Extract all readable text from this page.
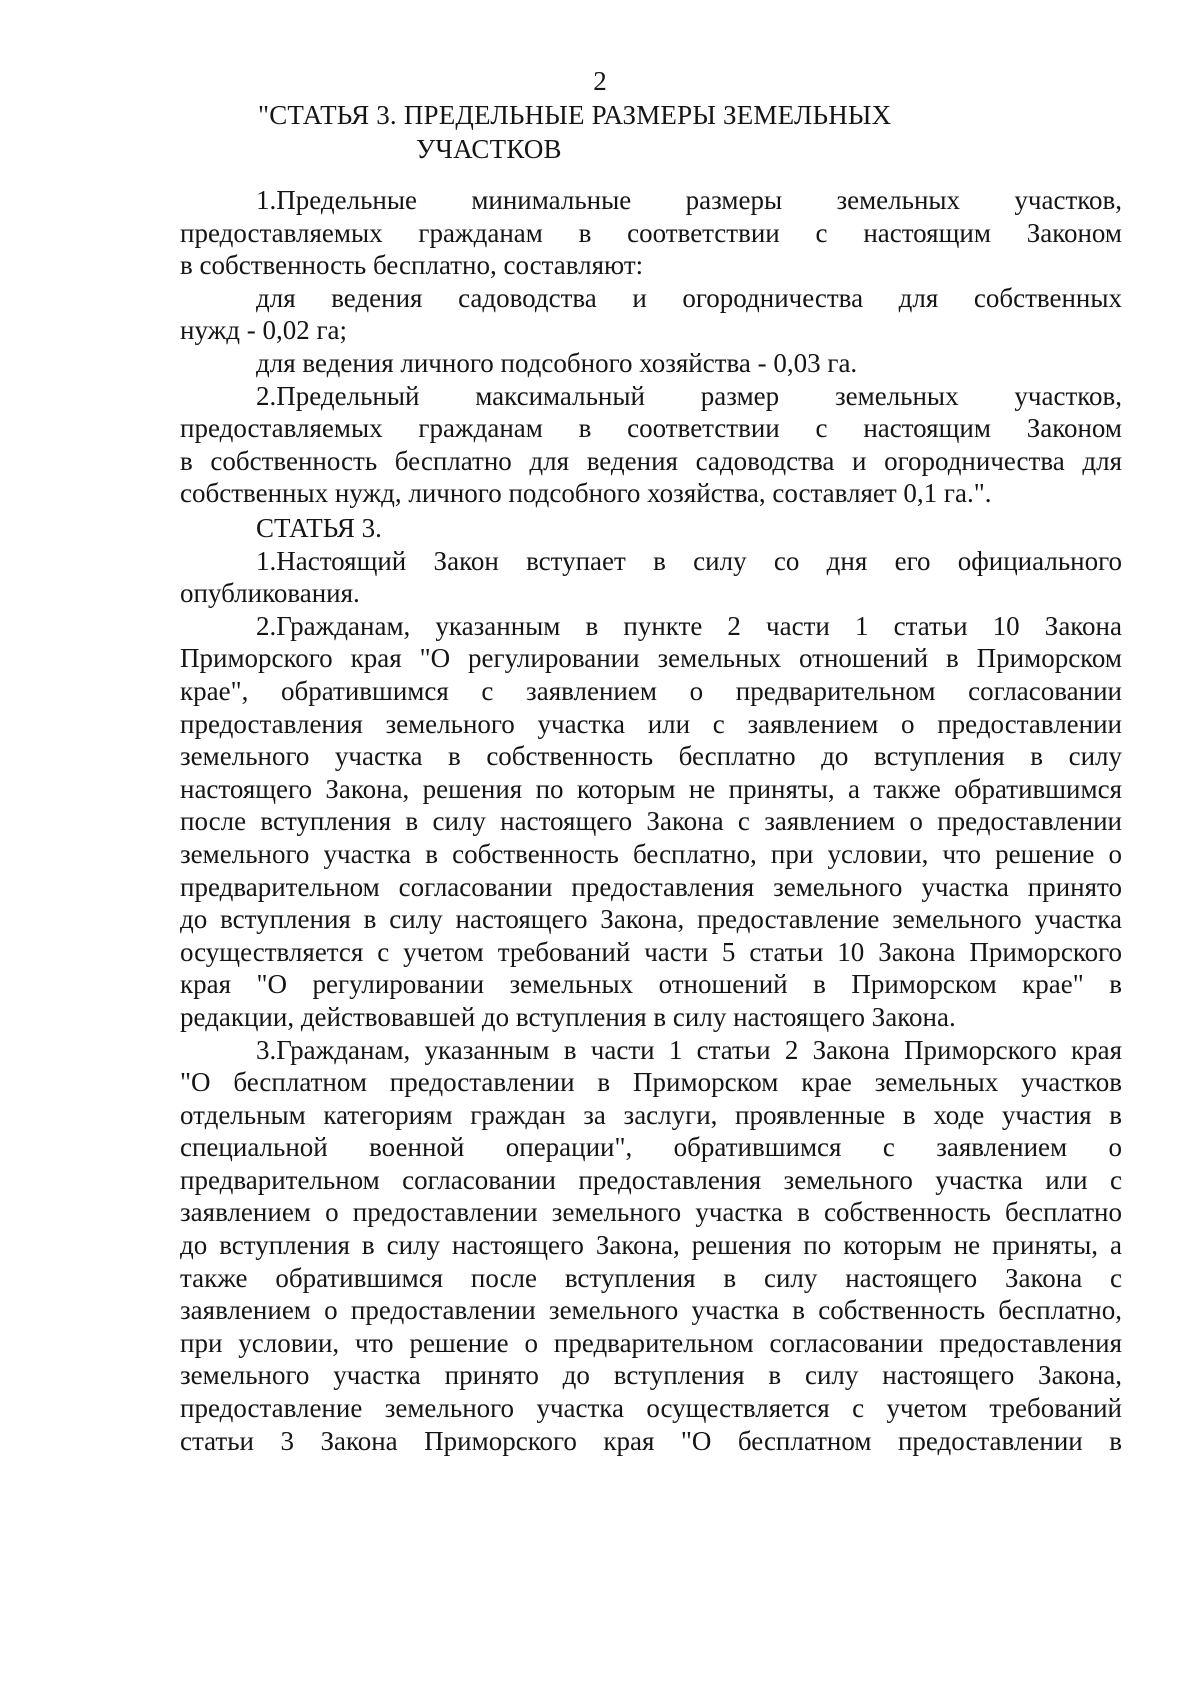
2
"СТАТЬЯ 3. ПРЕДЕЛЬНЫЕ РАЗМЕРЫ ЗЕМЕЛЬНЫХ
УЧАСТКОВ
1.Предельные минимальные размеры земельных участков,
предоставляемых гражданам в соответствии с настоящим Законом
в собственность бесплатно, составляют:
для ведения садоводства и огородничества для собственных
нужд - 0,02 га;
для ведения личного подсобного хозяйства - 0,03 га.
2.Предельный максимальный размер земельных участков,
предоставляемых гражданам в соответствии с настоящим Законом
в собственность бесплатно для ведения садоводства и огородничества для
собственных нужд, личного подсобного хозяйства, составляет 0,1 га.".
СТАТЬЯ 3.
1.Настоящий Закон вступает в силу со дня его официального
опубликования.
2.Гражданам, указанным в пункте 2 части 1 статьи 10 Закона
Приморского края "О регулировании земельных отношений в Приморском
крае", обратившимся с заявлением о предварительном согласовании
предоставления земельного участка или с заявлением о предоставлении
земельного участка в собственность бесплатно до вступления в силу
настоящего Закона, решения по которым не приняты, а также обратившимся
после вступления в силу настоящего Закона с заявлением о предоставлении
земельного участка в собственность бесплатно, при условии, что решение о
предварительном согласовании предоставления земельного участка принято
до вступления в силу настоящего Закона, предоставление земельного участка
осуществляется с учетом требований части 5 статьи 10 Закона Приморского
края "О регулировании земельных отношений в Приморском крае" в
редакции, действовавшей до вступления в силу настоящего Закона.
3.Гражданам, указанным в части 1 статьи 2 Закона Приморского края
"О бесплатном предоставлении в Приморском крае земельных участков
отдельным категориям граждан за заслуги, проявленные в ходе участия в
специальной военной операции", обратившимся с заявлением о
предварительном согласовании предоставления земельного участка или с
заявлением о предоставлении земельного участка в собственность бесплатно
до вступления в силу настоящего Закона, решения по которым не приняты, а
также обратившимся после вступления в силу настоящего Закона с
заявлением о предоставлении земельного участка в собственность бесплатно,
при условии, что решение о предварительном согласовании предоставления
земельного участка принято до вступления в силу настоящего Закона,
предоставление земельного участка осуществляется с учетом требований
статьи 3 Закона Приморского края "О бесплатном предоставлении в
